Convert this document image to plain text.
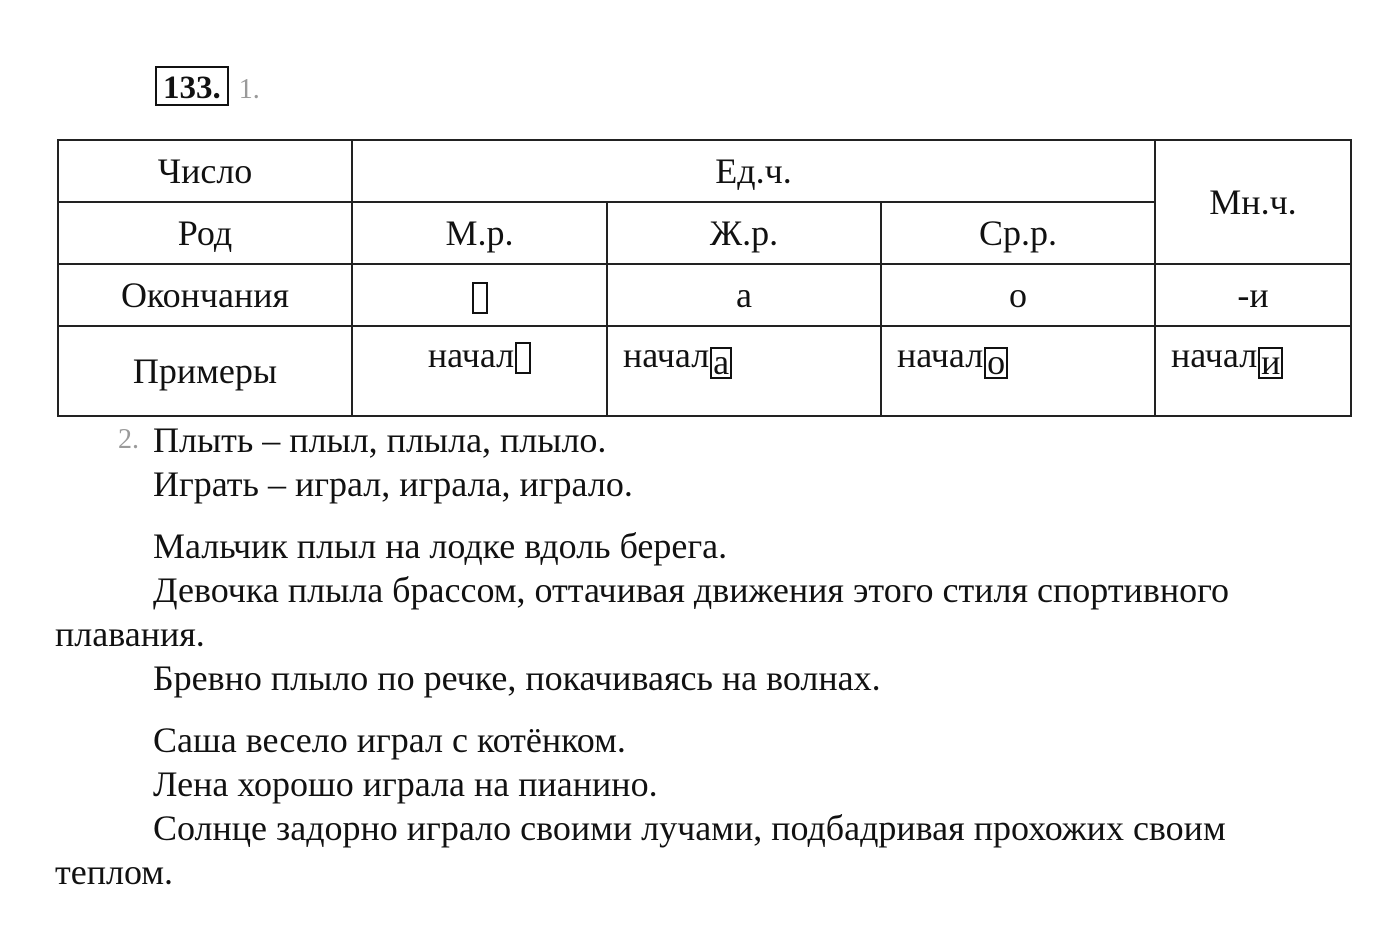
133. 1.
Число	Ед.ч.			Мн.ч.
Род	М.р.	Ж.р.	Ср.р.	
Окончания		а	о	-и
Примеры	начал	начал а	начал о	начал и
2. Плыть – плыл, плыла, плыло.

Играть – играл, играла, играло.

Мальчик плыл на лодке вдоль берега.

Девочка плыла брассом, оттачивая движения этого стиля спортивного плавания.

Бревно плыло по речке, покачиваясь на волнах.

Саша весело играл с котёнком.

Лена хорошо играла на пианино.

Солнце задорно играло своими лучами, подбадривая прохожих своим теплом.
